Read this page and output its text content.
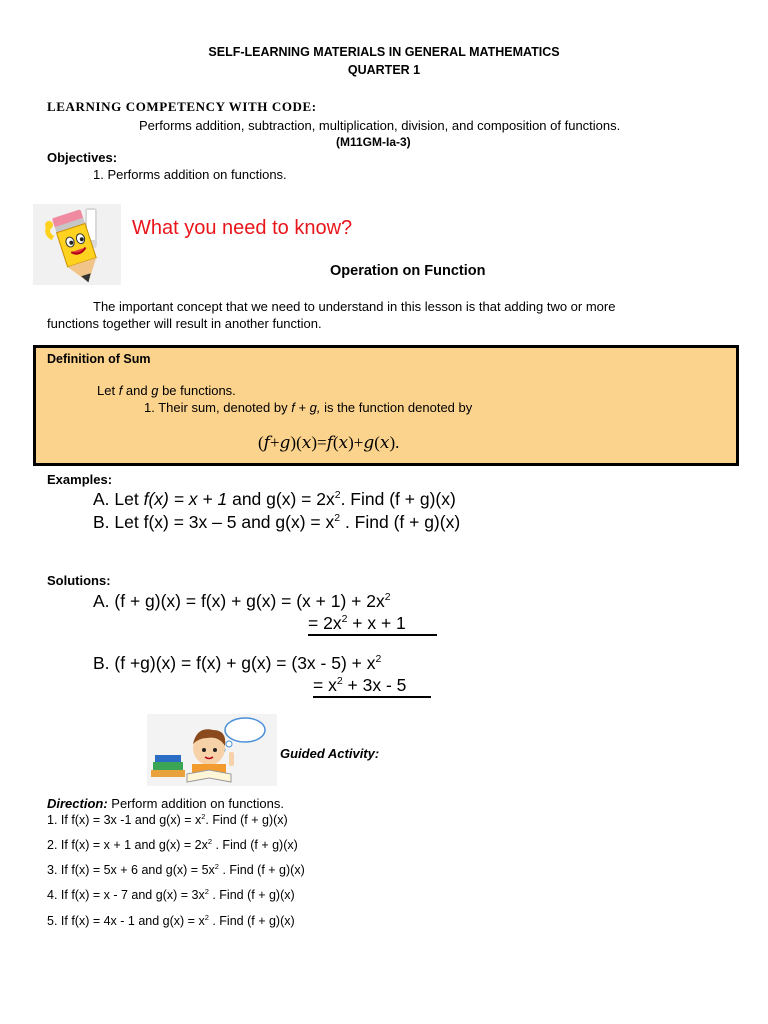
SELF-LEARNING MATERIALS IN GENERAL MATHEMATICS
QUARTER 1
LEARNING COMPETENCY WITH CODE:
Performs addition, subtraction, multiplication, division, and composition of functions.
(M11GM-Ia-3)
Objectives:
1. Performs addition on functions.
What you need to know?
Operation on Function
The important concept that we need to understand in this lesson is that adding two or more
functions together will result in another function.
Definition of Sum
Let f and g be functions.
1. Their sum, denoted by f + g, is the function denoted by
(𝑓+𝑔)(𝑥)=𝑓(𝑥)+𝑔(𝑥).
Examples:
A. Let f(x) = x + 1 and $g(x) = 2x^2$. Find (f + g)(x)
B. Let f(x) = 3x – 5 and $g(x) = x^2$ . Find (f + g)(x)
Solutions:
A. $(f + g)(x) = f(x) + g(x) = (x + 1) + 2x^2$
= $2x^2 + x + 1$
B. $(f +g)(x) = f(x) + g(x) = (3x - 5) + x^2$
= $x^2 + 3x - 5$
Guided Activity:
Direction: Perform addition on functions.
1. If f(x) = 3x -1 and $g(x) = x^2$. Find (f + g)(x)
2. If f(x) = x + 1 and $g(x) = 2x^2$ . Find (f + g)(x)
3. If f(x) = 5x + 6 and $g(x) = 5x^2$ . Find (f + g)(x)
4. If f(x) = x - 7 and $g(x) = 3x^2$ . Find (f + g)(x)
5. If f(x) = 4x - 1 and $g(x) = x^2$ . Find (f + g)(x)
